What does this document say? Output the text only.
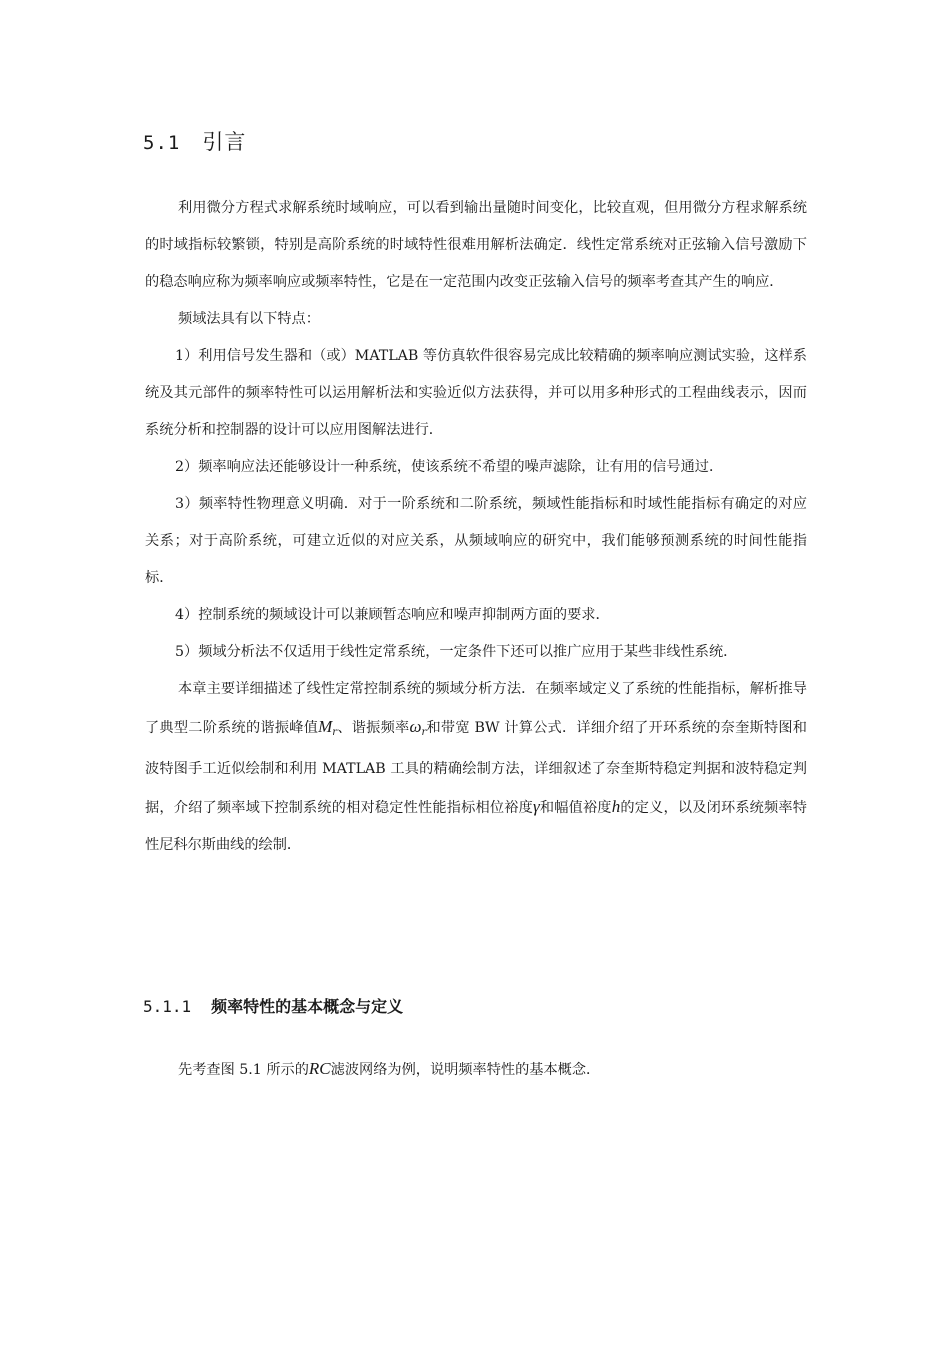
5.1 引言

利用微分方程式求解系统时域响应，可以看到输出量随时间变化，比较直观，但用微分方程求解系统的时域指标较繁锁，特别是高阶系统的时域特性很难用解析法确定．线性定常系统对正弦输入信号激励下的稳态响应称为频率响应或频率特性，它是在一定范围内改变正弦输入信号的频率考查其产生的响应．

频域法具有以下特点：

1）利用信号发生器和（或）MATLAB 等仿真软件很容易完成比较精确的频率响应测试实验，这样系统及其元部件的频率特性可以运用解析法和实验近似方法获得，并可以用多种形式的工程曲线表示，因而系统分析和控制器的设计可以应用图解法进行．

2）频率响应法还能够设计一种系统，使该系统不希望的噪声滤除，让有用的信号通过．

3）频率特性物理意义明确．对于一阶系统和二阶系统，频域性能指标和时域性能指标有确定的对应关系；对于高阶系统，可建立近似的对应关系，从频域响应的研究中，我们能够预测系统的时间性能指标．

4）控制系统的频域设计可以兼顾暂态响应和噪声抑制两方面的要求．

5）频域分析法不仅适用于线性定常系统，一定条件下还可以推广应用于某些非线性系统．

本章主要详细描述了线性定常控制系统的频域分析方法．在频率域定义了系统的性能指标，解析推导了典型二阶系统的谐振峰值$M_r$、谐振频率$\omega_r$和带宽 BW 计算公式．详细介绍了开环系统的奈奎斯特图和波特图手工近似绘制和利用 MATLAB 工具的精确绘制方法，详细叙述了奈奎斯特稳定判据和波特稳定判据，介绍了频率域下控制系统的相对稳定性性能指标相位裕度γ和幅值裕度h的定义，以及闭环系统频率特性尼科尔斯曲线的绘制．

5.1.1 频率特性的基本概念与定义

先考查图 5.1 所示的RC滤波网络为例，说明频率特性的基本概念．
